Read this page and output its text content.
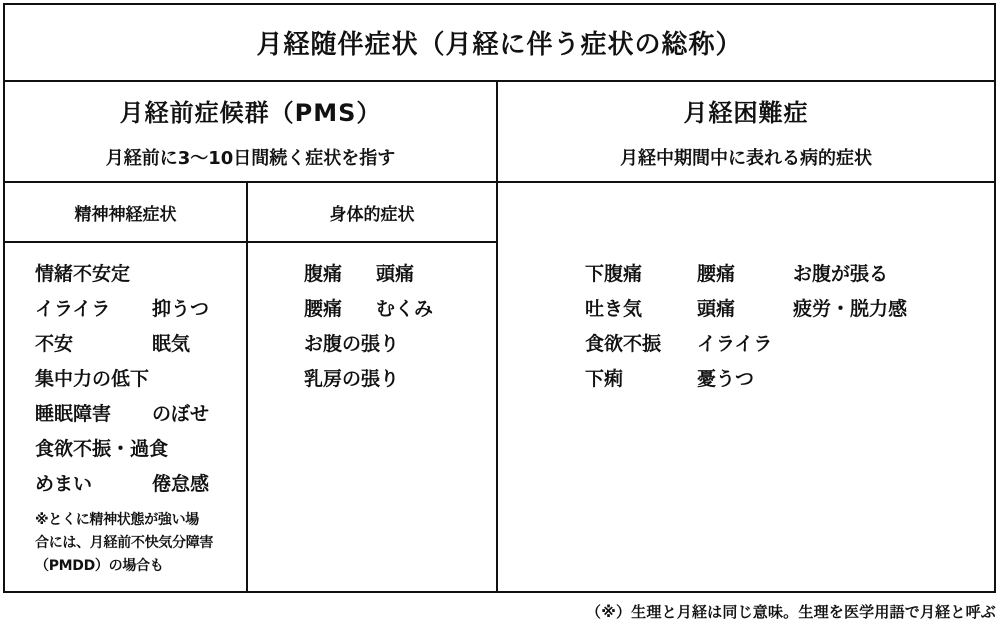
月経随伴症状（月経に伴う症状の総称）
月経前症候群（PMS）
月経前に3～10日間続く症状を指す
月経困難症
月経中期間中に表れる病的症状
精神神経症状	身体的症状
情緒不安定
イライラ	抑うつ
不安	眠気
集中力の低下
睡眠障害	のぼせ
食欲不振・過食
めまい	倦怠感
※とくに精神状態が強い場
合には、月経前不快気分障害
（PMDD）の場合も
腹痛	頭痛
腰痛	むくみ
お腹の張り
乳房の張り
下腹痛	腰痛	お腹が張る
吐き気	頭痛	疲労・脱力感
食欲不振	イライラ
下痢	憂うつ
（※）生理と月経は同じ意味。生理を医学用語で月経と呼ぶ
